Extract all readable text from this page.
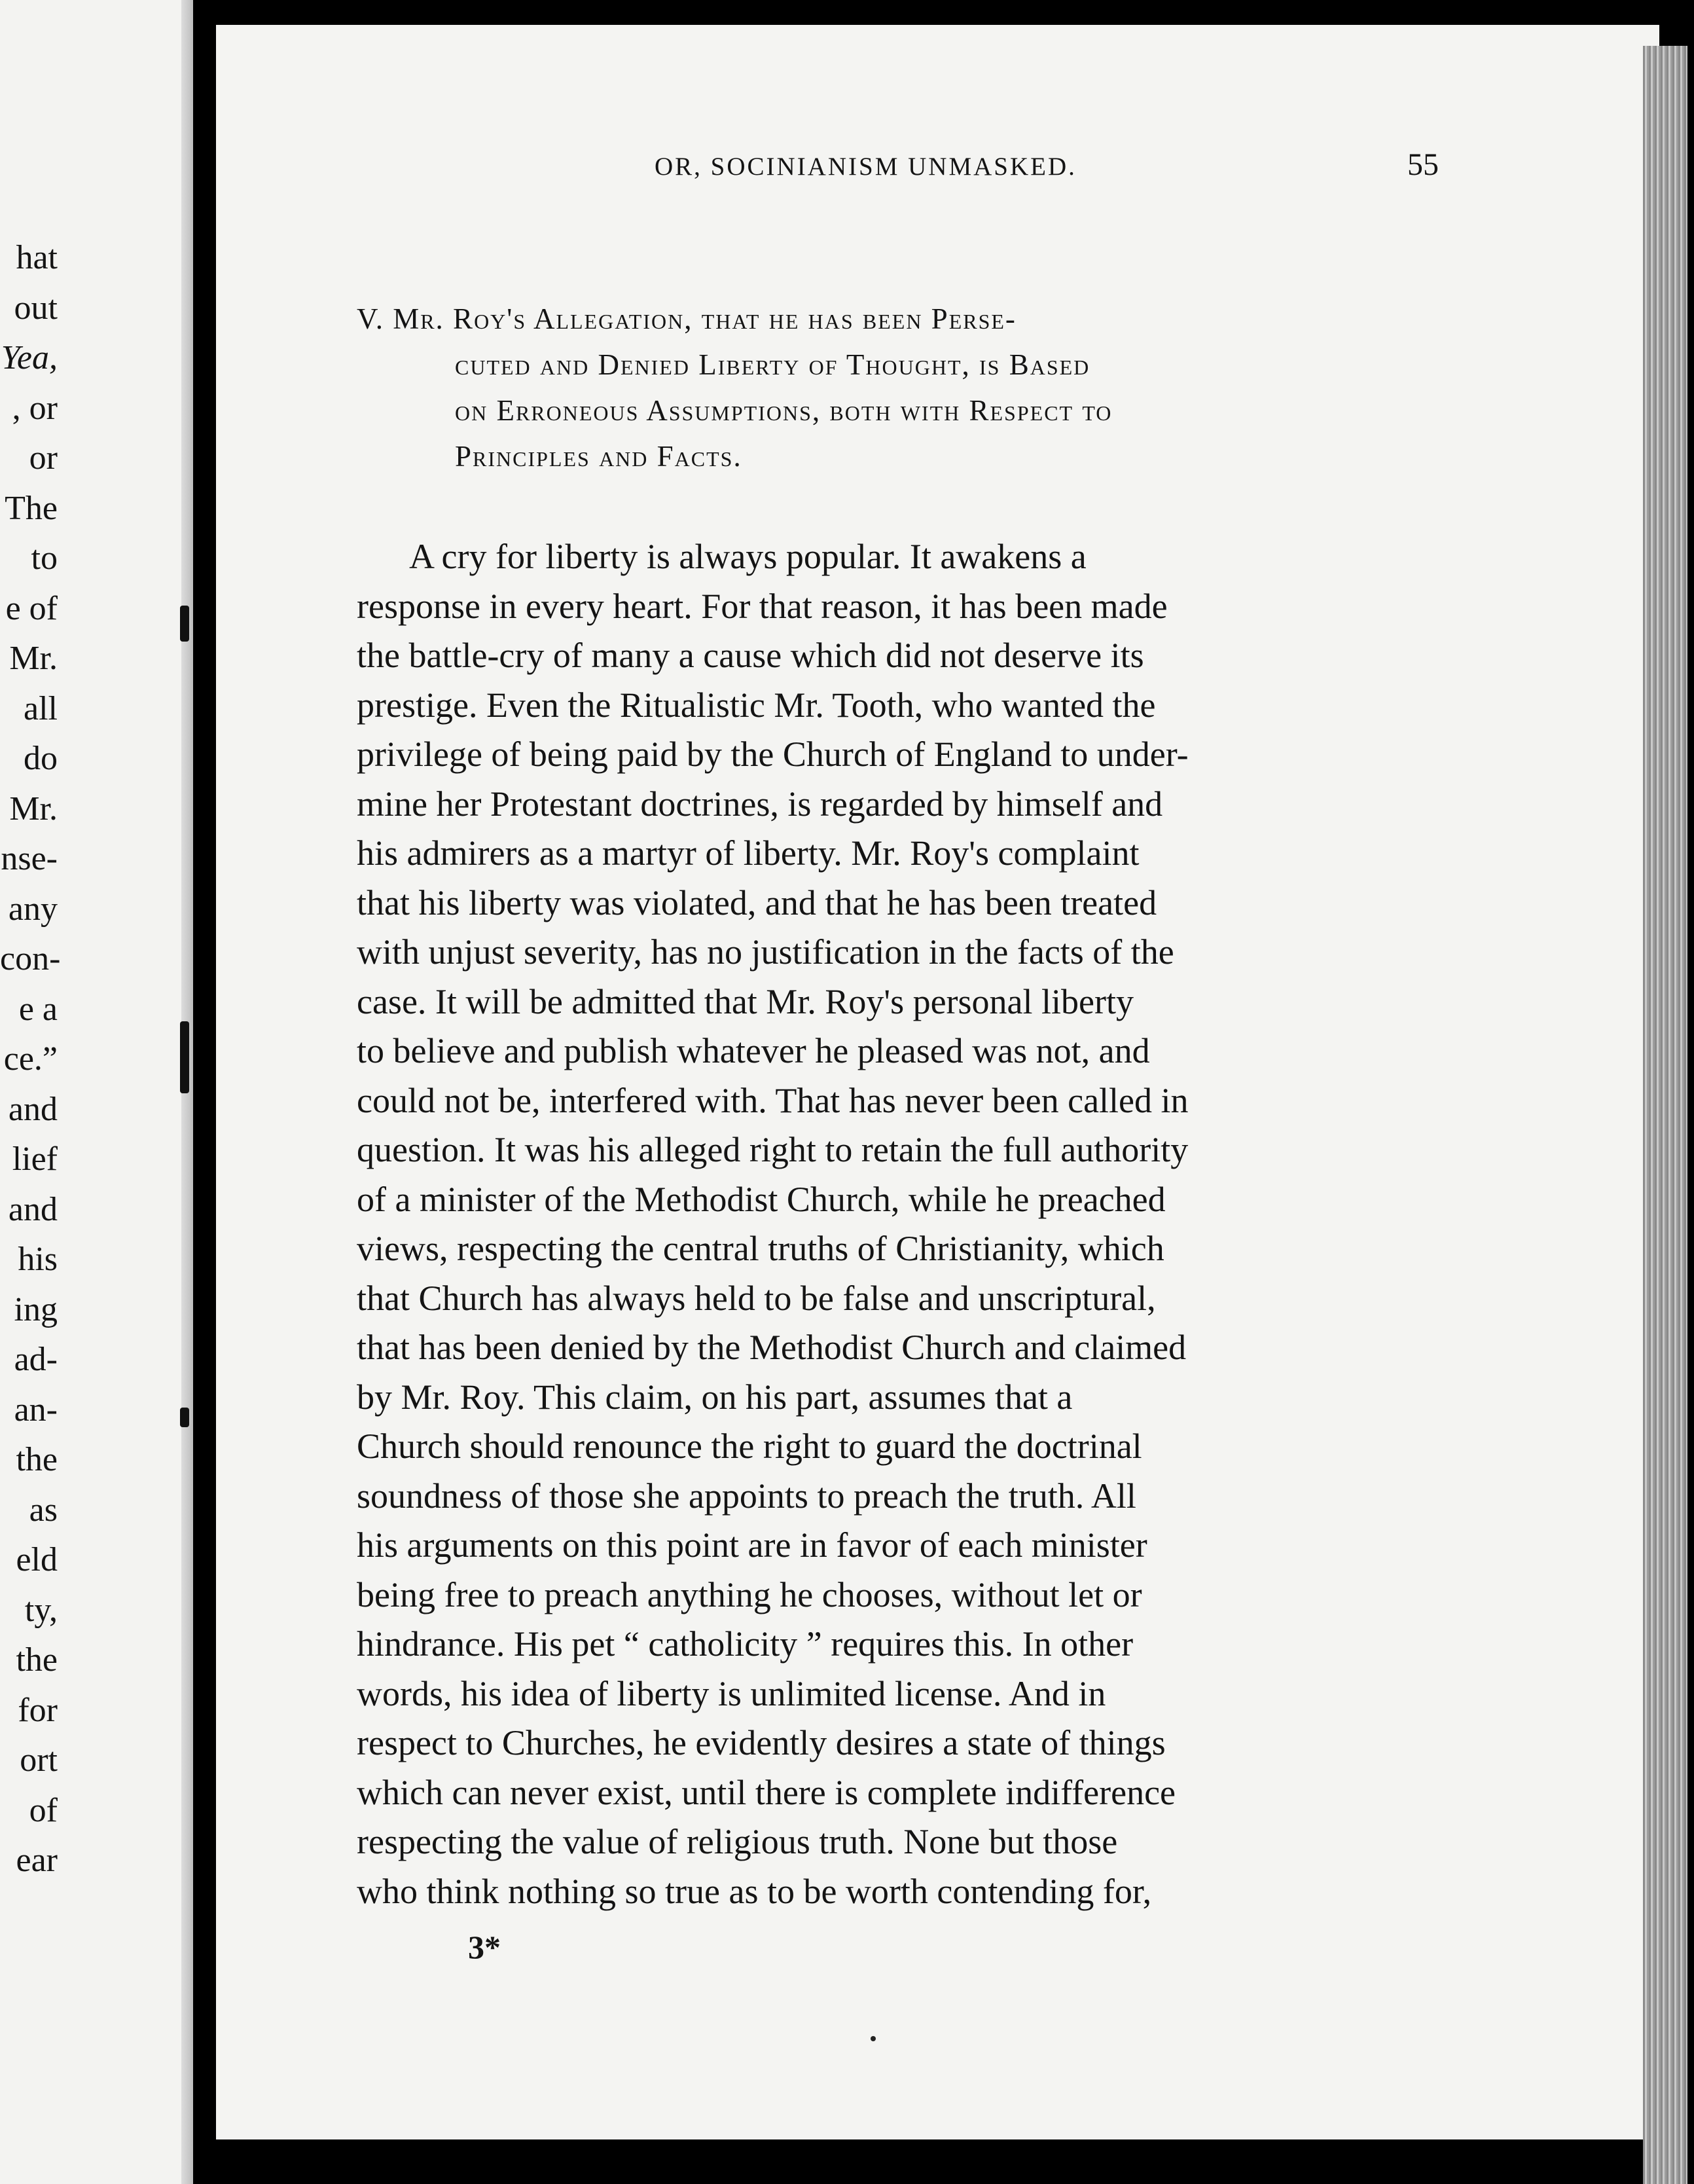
hat
out
Yea,
, or
or
The
to
e of
Mr.
all
do
Mr.
nse-
any
con-
e a
ce.”
and
lief
and
his
ing
ad-
an-
the
as
eld
ty,
the
for
ort
of
ear
OR, SOCINIANISM UNMASKED.	55
V. Mr. Roy's Allegation, that he has been Perse-
cuted and Denied Liberty of Thought, is Based
on Erroneous Assumptions, both with Respect to
Principles and Facts.
A cry for liberty is always popular. It awakens a
response in every heart. For that reason, it has been made
the battle-cry of many a cause which did not deserve its
prestige. Even the Ritualistic Mr. Tooth, who wanted the
privilege of being paid by the Church of England to under-
mine her Protestant doctrines, is regarded by himself and
his admirers as a martyr of liberty. Mr. Roy's complaint
that his liberty was violated, and that he has been treated
with unjust severity, has no justification in the facts of the
case. It will be admitted that Mr. Roy's personal liberty
to believe and publish whatever he pleased was not, and
could not be, interfered with. That has never been called in
question. It was his alleged right to retain the full authority
of a minister of the Methodist Church, while he preached
views, respecting the central truths of Christianity, which
that Church has always held to be false and unscriptural,
that has been denied by the Methodist Church and claimed
by Mr. Roy. This claim, on his part, assumes that a
Church should renounce the right to guard the doctrinal
soundness of those she appoints to preach the truth. All
his arguments on this point are in favor of each minister
being free to preach anything he chooses, without let or
hindrance. His pet “ catholicity ” requires this. In other
words, his idea of liberty is unlimited license. And in
respect to Churches, he evidently desires a state of things
which can never exist, until there is complete indifference
respecting the value of religious truth. None but those
who think nothing so true as to be worth contending for,
3*
